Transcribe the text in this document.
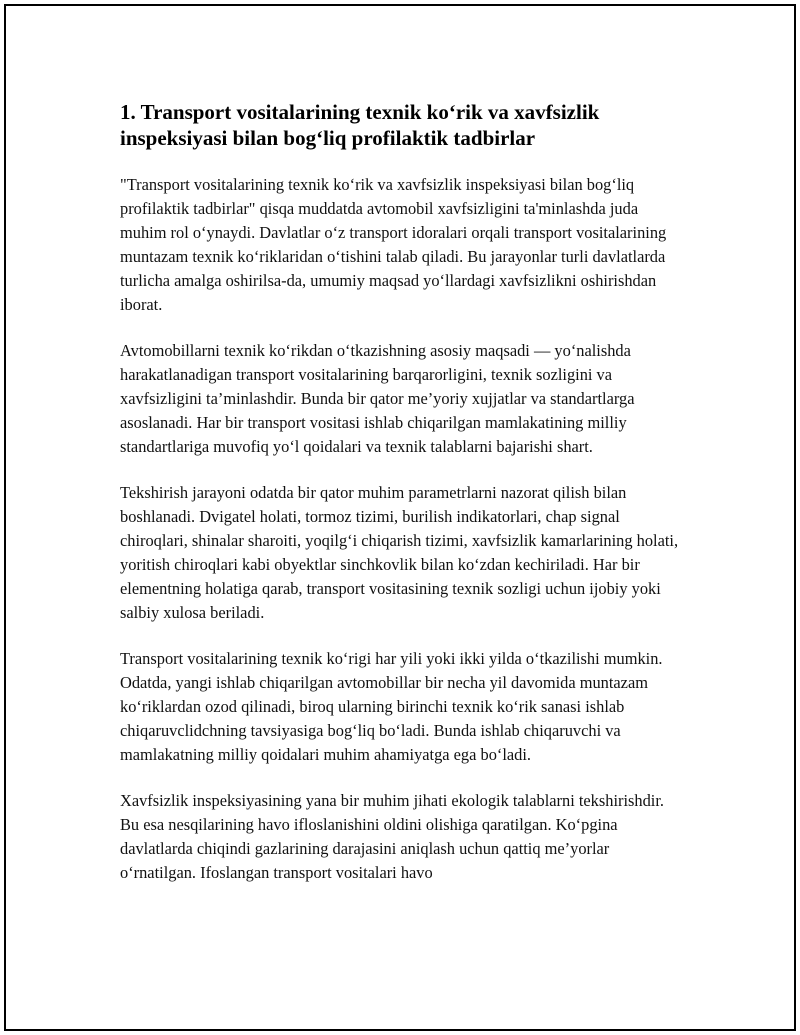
1. Transport vositalarining texnik ko‘rik va xavfsizlik inspeksiyasi bilan bog‘liq profilaktik tadbirlar

"Transport vositalarining texnik ko‘rik va xavfsizlik inspeksiyasi bilan bog‘liq profilaktik tadbirlar" qisqa muddatda avtomobil xavfsizligini ta'minlashda juda muhim rol o‘ynaydi. Davlatlar o‘z transport idoralari orqali transport vositalarining muntazam texnik ko‘riklaridan o‘tishini talab qiladi. Bu jarayonlar turli davlatlarda turlicha amalga oshirilsa-da, umumiy maqsad yo‘llardagi xavfsizlikni oshirishdan iborat.

Avtomobillarni texnik ko‘rikdan o‘tkazishning asosiy maqsadi — yo‘nalishda harakatlanadigan transport vositalarining barqarorligini, texnik sozligini va xavfsizligini ta’minlashdir. Bunda bir qator me’yoriy xujjatlar va standartlarga asoslanadi. Har bir transport vositasi ishlab chiqarilgan mamlakatining milliy standartlariga muvofiq yo‘l qoidalari va texnik talablarni bajarishi shart.

Tekshirish jarayoni odatda bir qator muhim parametrlarni nazorat qilish bilan boshlanadi. Dvigatel holati, tormoz tizimi, burilish indikatorlari, chap signal chiroqlari, shinalar sharoiti, yoqilg‘i chiqarish tizimi, xavfsizlik kamarlarining holati, yoritish chiroqlari kabi obyektlar sinchkovlik bilan ko‘zdan kechiriladi. Har bir elementning holatiga qarab, transport vositasining texnik sozligi uchun ijobiy yoki salbiy xulosa beriladi.

Transport vositalarining texnik ko‘rigi har yili yoki ikki yilda o‘tkazilishi mumkin. Odatda, yangi ishlab chiqarilgan avtomobillar bir necha yil davomida muntazam ko‘riklardan ozod qilinadi, biroq ularning birinchi texnik ko‘rik sanasi ishlab chiqaruvclidchning tavsiyasiga bog‘liq bo‘ladi. Bunda ishlab chiqaruvchi va mamlakatning milliy qoidalari muhim ahamiyatga ega bo‘ladi.

Xavfsizlik inspeksiyasining yana bir muhim jihati ekologik talablarni tekshirishdir. Bu esa nesqilarining havo ifloslanishini oldini olishiga qaratilgan. Ko‘pgina davlatlarda chiqindi gazlarining darajasini aniqlash uchun qattiq me’yorlar o‘rnatilgan. Ifoslangan transport vositalari havo
